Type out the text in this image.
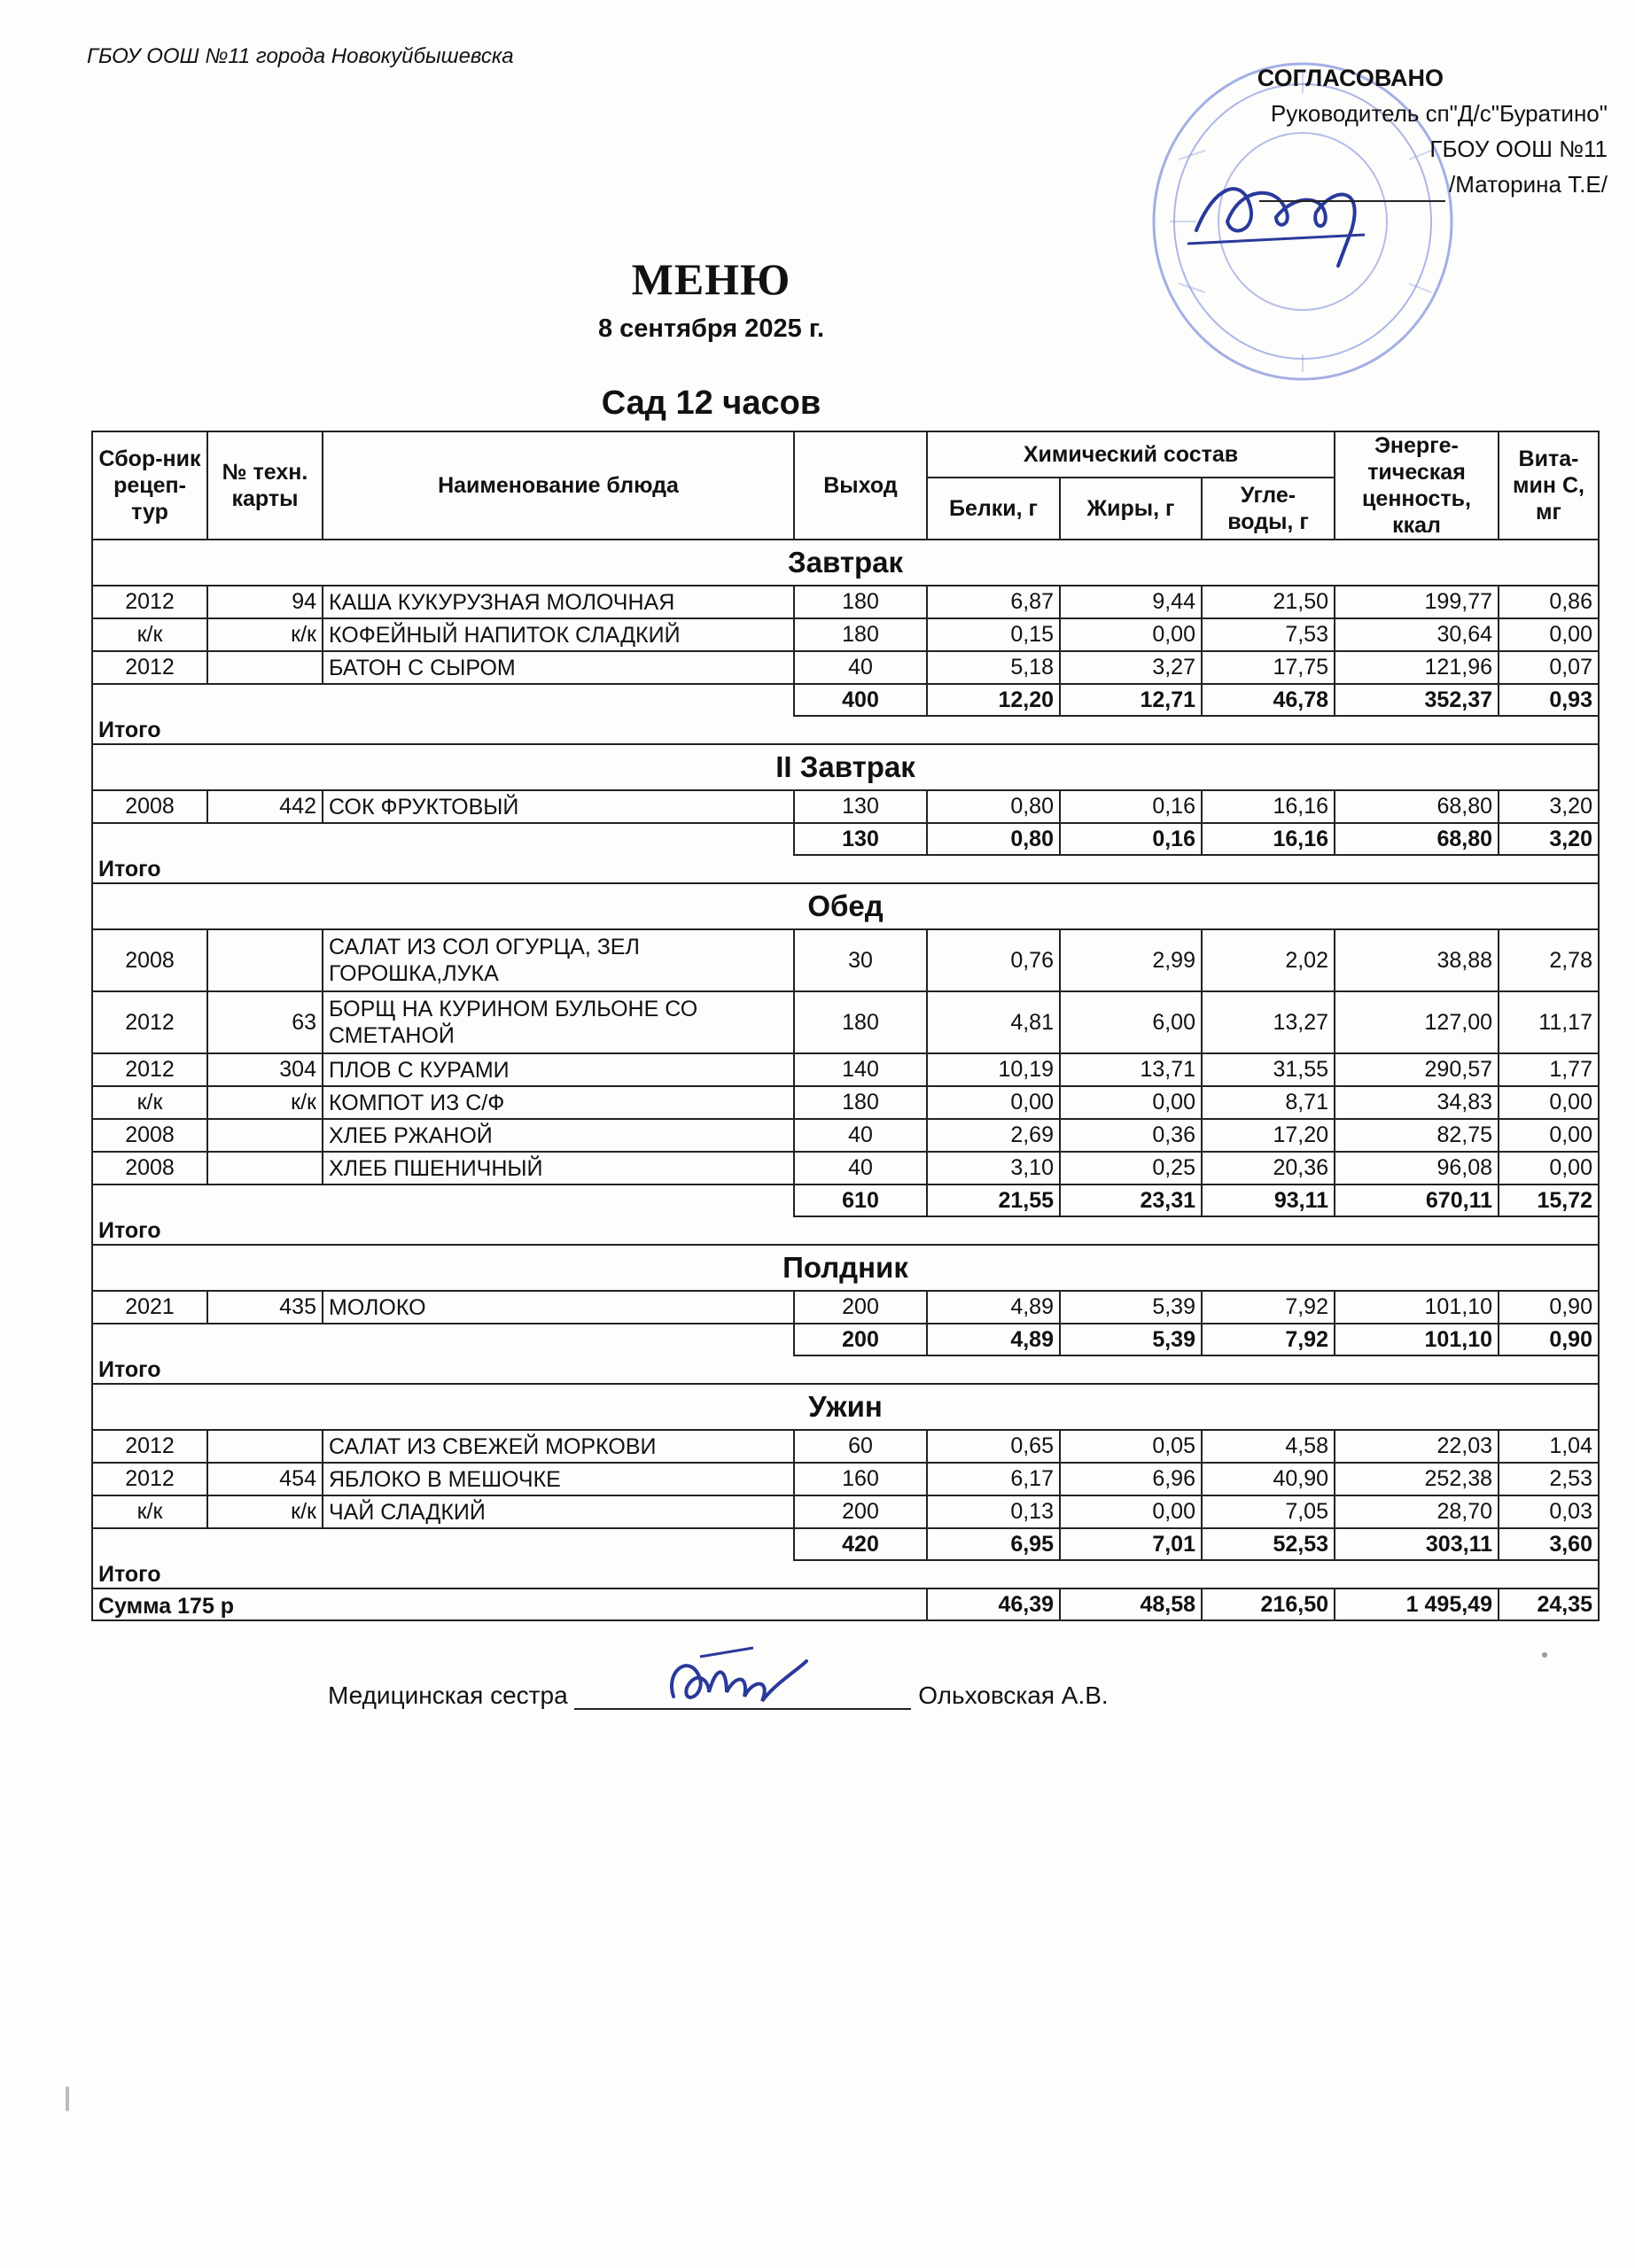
ГБОУ ООШ №11 города Новокуйбышевска
СОГЛАСОВАНО
Руководитель сп"Д/с"Буратино"
ГБОУ ООШ №11
/Маторина Т.Е/
МЕНЮ
8 сентября 2025 г.
Сад 12 часов
Сбор-ник рецеп-тур	№ техн. карты	Наименование блюда	Выход	Химический состав			Энерге-тическая ценность, ккал	Вита-мин С, мг
				Белки, г	Жиры, г	Угле-воды, г		
Завтрак								
2012	94	КАША КУКУРУЗНАЯ МОЛОЧНАЯ	180	6,87	9,44	21,50	199,77	0,86
к/к	к/к	КОФЕЙНЫЙ НАПИТОК СЛАДКИЙ	180	0,15	0,00	7,53	30,64	0,00
2012		БАТОН С СЫРОМ	40	5,18	3,27	17,75	121,96	0,07
			400	12,20	12,71	46,78	352,37	0,93
Итого								
II Завтрак								
2008	442	СОК ФРУКТОВЫЙ	130	0,80	0,16	16,16	68,80	3,20
			130	0,80	0,16	16,16	68,80	3,20
Итого								
Обед								
2008		САЛАТ ИЗ СОЛ ОГУРЦА, ЗЕЛ ГОРОШКА,ЛУКА	30	0,76	2,99	2,02	38,88	2,78
2012	63	БОРЩ НА КУРИНОМ БУЛЬОНЕ СО СМЕТАНОЙ	180	4,81	6,00	13,27	127,00	11,17
2012	304	ПЛОВ С КУРАМИ	140	10,19	13,71	31,55	290,57	1,77
к/к	к/к	КОМПОТ ИЗ С/Ф	180	0,00	0,00	8,71	34,83	0,00
2008		ХЛЕБ РЖАНОЙ	40	2,69	0,36	17,20	82,75	0,00
2008		ХЛЕБ ПШЕНИЧНЫЙ	40	3,10	0,25	20,36	96,08	0,00
			610	21,55	23,31	93,11	670,11	15,72
Итого								
Полдник								
2021	435	МОЛОКО	200	4,89	5,39	7,92	101,10	0,90
			200	4,89	5,39	7,92	101,10	0,90
Итого								
Ужин								
2012		САЛАТ ИЗ СВЕЖЕЙ МОРКОВИ	60	0,65	0,05	4,58	22,03	1,04
2012	454	ЯБЛОКО В МЕШОЧКЕ	160	6,17	6,96	40,90	252,38	2,53
к/к	к/к	ЧАЙ СЛАДКИЙ	200	0,13	0,00	7,05	28,70	0,03
			420	6,95	7,01	52,53	303,11	3,60
Итого								
Сумма 175 р				46,39	48,58	216,50	1 495,49	24,35
Медицинская сестра	Ольховская А.В.
